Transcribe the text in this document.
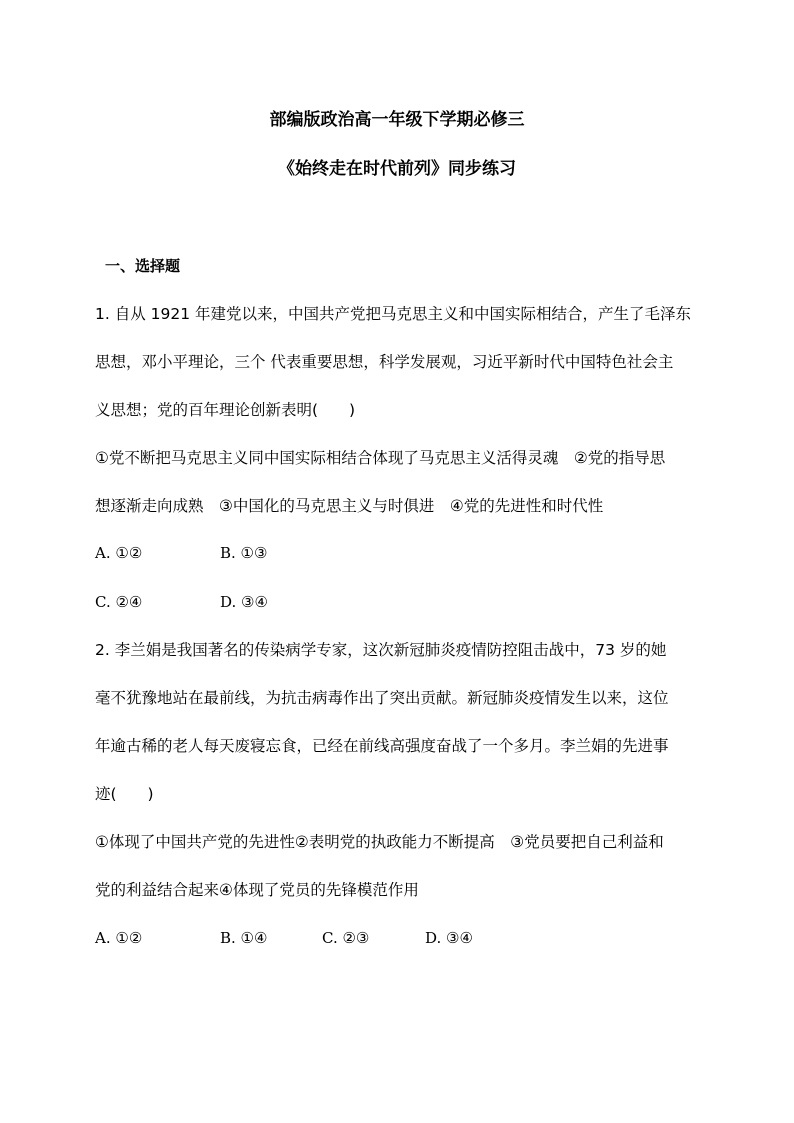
部编版政治高一年级下学期必修三
《始终走在时代前列》同步练习
一、选择题
1. 自从 1921 年建党以来，中国共产党把马克思主义和中国实际相结合，产生了毛泽东
思想，邓小平理论，三个 代表重要思想，科学发展观，习近平新时代中国特色社会主
义思想；党的百年理论创新表明(　　)
①党不断把马克思主义同中国实际相结合体现了马克思主义活得灵魂　②党的指导思
想逐渐走向成熟　③中国化的马克思主义与时俱进　④党的先进性和时代性
A. ①②	B. ①③
C. ②④	D. ③④
2. 李兰娟是我国著名的传染病学专家，这次新冠肺炎疫情防控阻击战中，73 岁的她
毫不犹豫地站在最前线，为抗击病毒作出了突出贡献。新冠肺炎疫情发生以来，这位
年逾古稀的老人每天废寝忘食，已经在前线高强度奋战了一个多月。李兰娟的先进事
迹(　　)
①体现了中国共产党的先进性②表明党的执政能力不断提高　③党员要把自己利益和
党的利益结合起来④体现了党员的先锋模范作用
A. ①②	B. ①④	C. ②③	D. ③④
